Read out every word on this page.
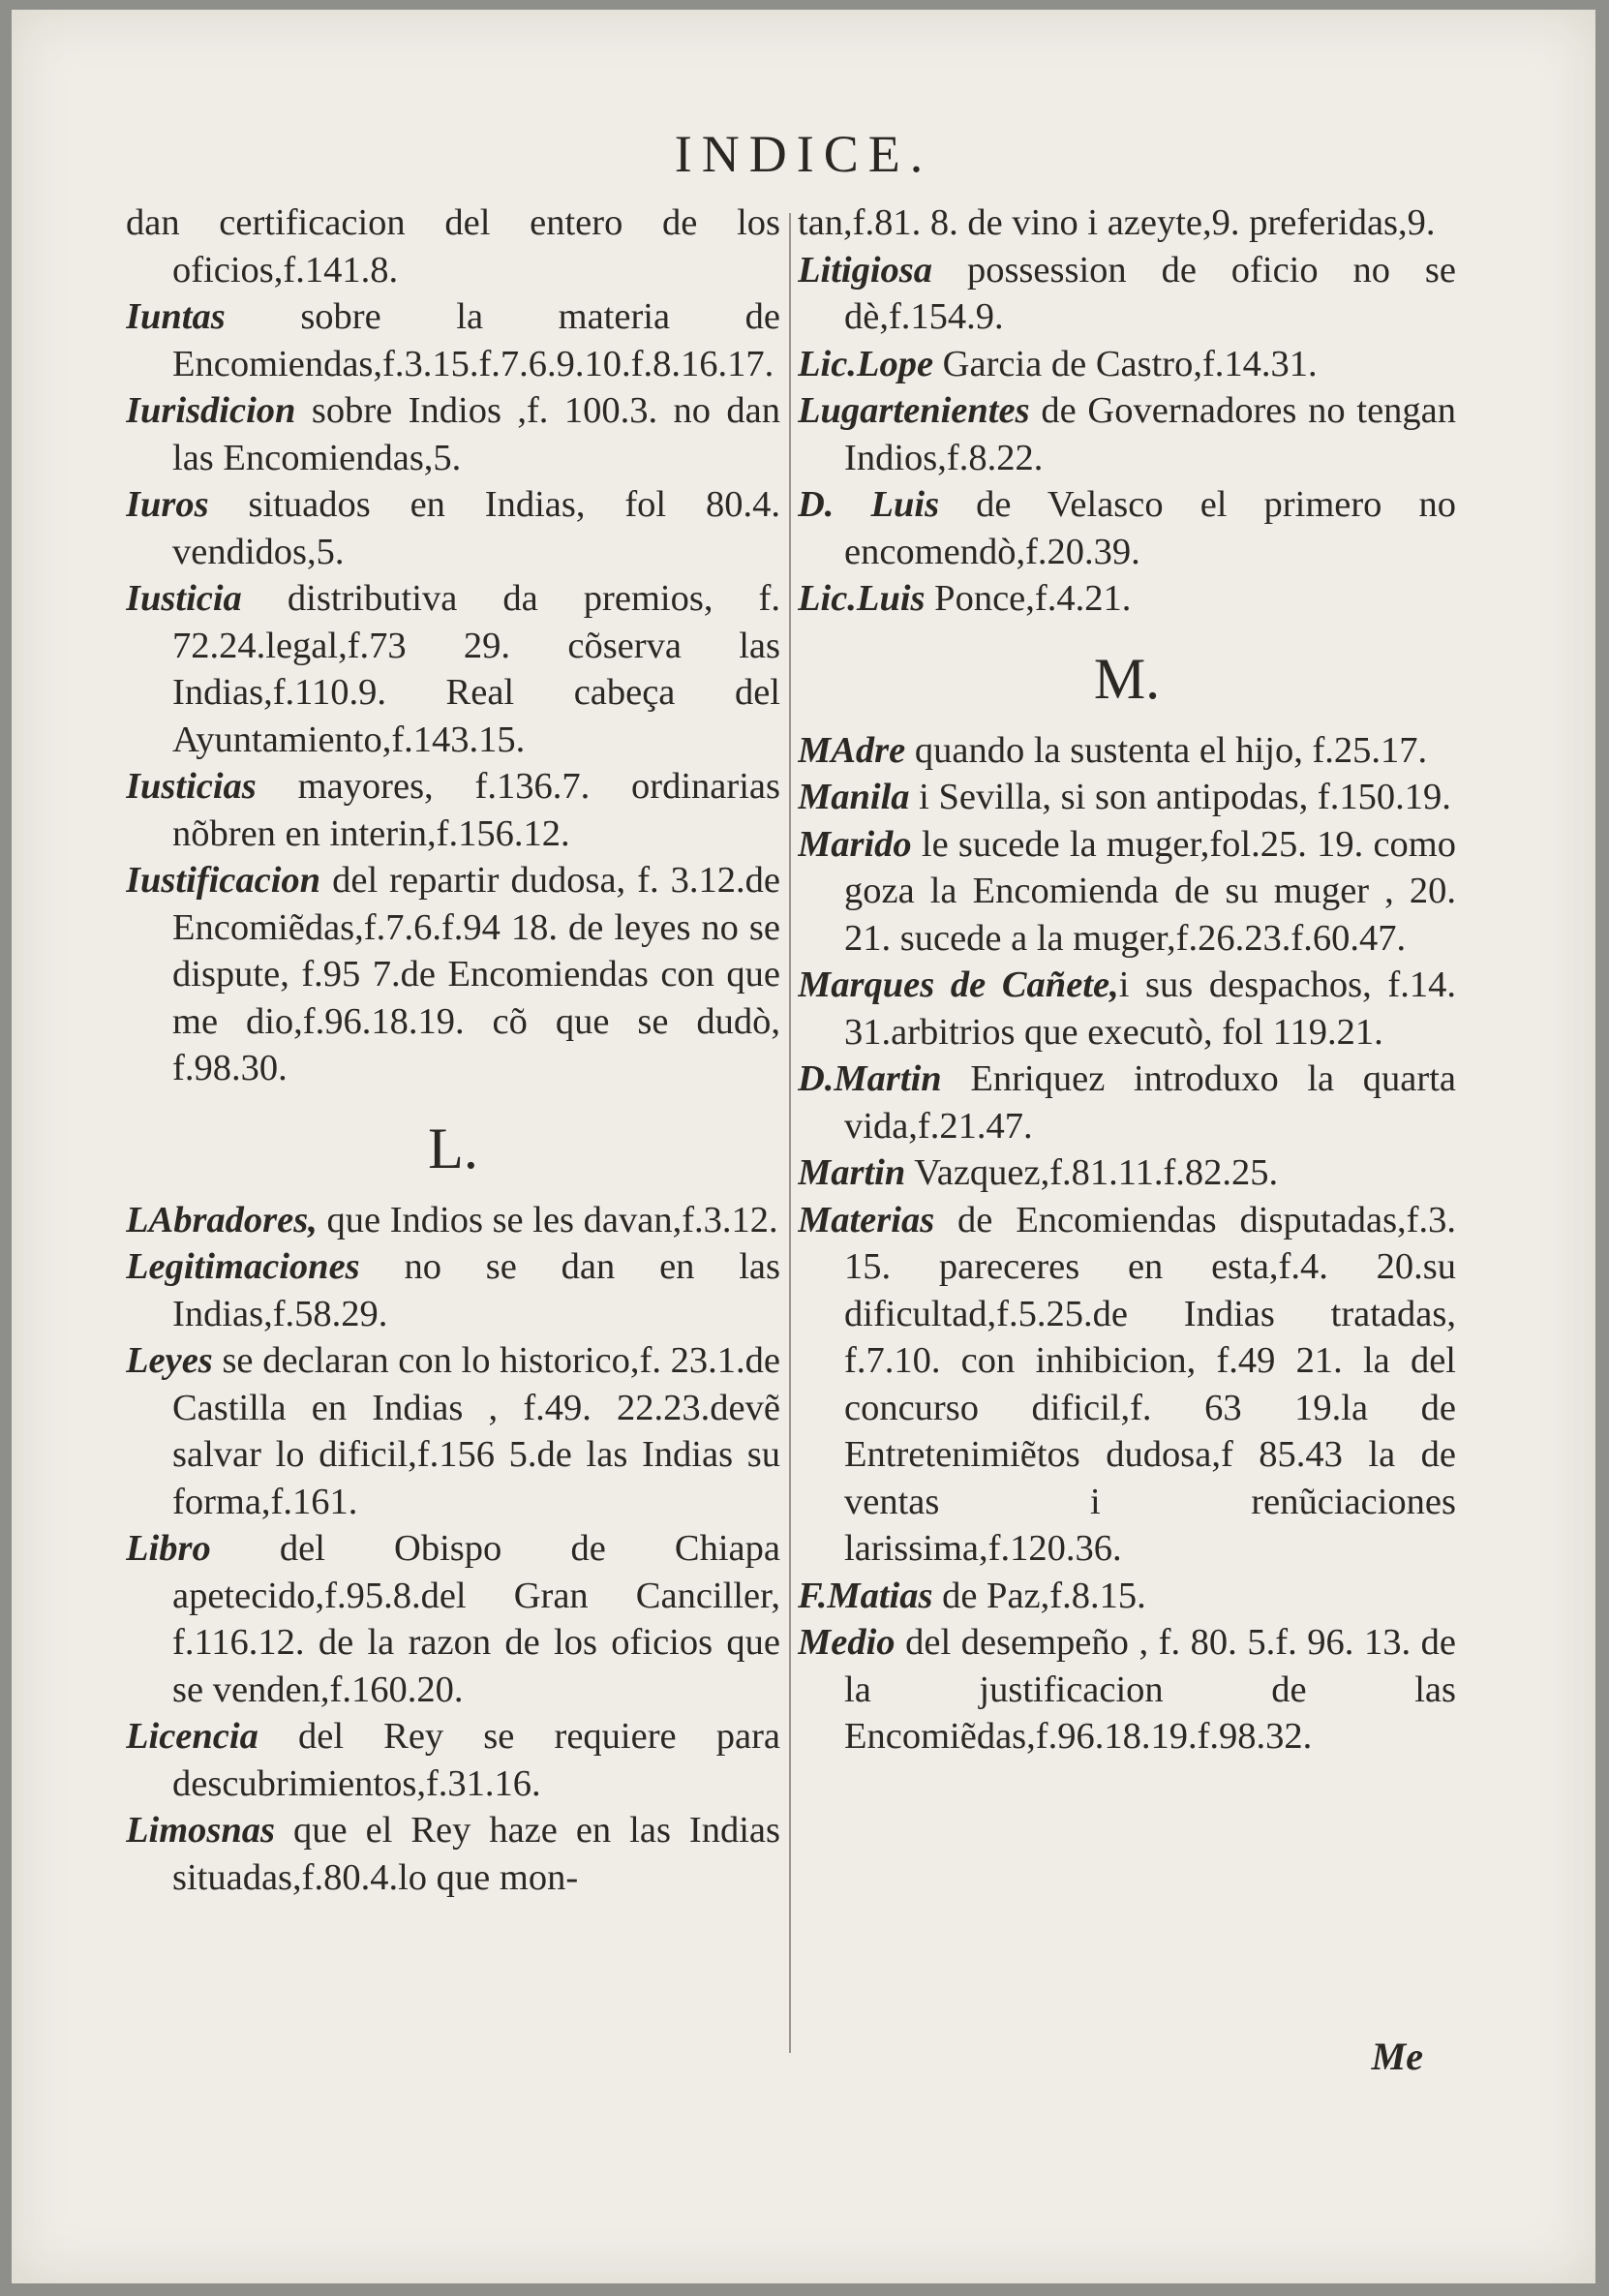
INDICE.

dan certificacion del entero de los oficios,f.141.8.

Iuntas sobre la materia de Encomiendas,f.3.15.f.7.6.9.10.f.8.16.17.

Iurisdicion sobre Indios ,f. 100.3. no dan las Encomiendas,5.

Iuros situados en Indias, fol 80.4. vendidos,5.

Iusticia distributiva da premios, f. 72.24.legal,f.73 29. cõserva las Indias,f.110.9. Real cabeça del Ayuntamiento,f.143.15.

Iusticias mayores, f.136.7. ordinarias nõbren en interin,f.156.12.

Iustificacion del repartir dudosa, f. 3.12.de Encomiẽdas,f.7.6.f.94 18. de leyes no se dispute, f.95 7.de Encomiendas con que me dio,f.96.18.19. cõ que se dudò, f.98.30.

L.

LAbradores, que Indios se les davan,f.3.12.

Legitimaciones no se dan en las Indias,f.58.29.

Leyes se declaran con lo historico,f. 23.1.de Castilla en Indias , f.49. 22.23.devẽ salvar lo dificil,f.156 5.de las Indias su forma,f.161.

Libro del Obispo de Chiapa apetecido,f.95.8.del Gran Canciller, f.116.12. de la razon de los oficios que se venden,f.160.20.

Licencia del Rey se requiere para descubrimientos,f.31.16.

Limosnas que el Rey haze en las Indias situadas,f.80.4.lo que mon-

tan,f.81. 8. de vino i azeyte,9. preferidas,9.

Litigiosa possession de oficio no se dè,f.154.9.

Lic.Lope Garcia de Castro,f.14.31.

Lugartenientes de Governadores no tengan Indios,f.8.22.

D. Luis de Velasco el primero no encomendò,f.20.39.

Lic.Luis Ponce,f.4.21.

M.

MAdre quando la sustenta el hijo, f.25.17.

Manila i Sevilla, si son antipodas, f.150.19.

Marido le sucede la muger,fol.25. 19. como goza la Encomienda de su muger , 20. 21. sucede a la muger,f.26.23.f.60.47.

Marques de Cañete,i sus despachos, f.14. 31.arbitrios que executò, fol 119.21.

D.Martin Enriquez introduxo la quarta vida,f.21.47.

Martin Vazquez,f.81.11.f.82.25.

Materias de Encomiendas disputadas,f.3. 15. pareceres en esta,f.4. 20.su dificultad,f.5.25.de Indias tratadas, f.7.10. con inhibicion, f.49 21. la del concurso dificil,f. 63 19.la de Entretenimiẽtos dudosa,f 85.43 la de ventas i renũciaciones larissima,f.120.36.

F.Matias de Paz,f.8.15.

Medio del desempeño , f. 80. 5.f. 96. 13. de la justificacion de las Encomiẽdas,f.96.18.19.f.98.32.

Me
